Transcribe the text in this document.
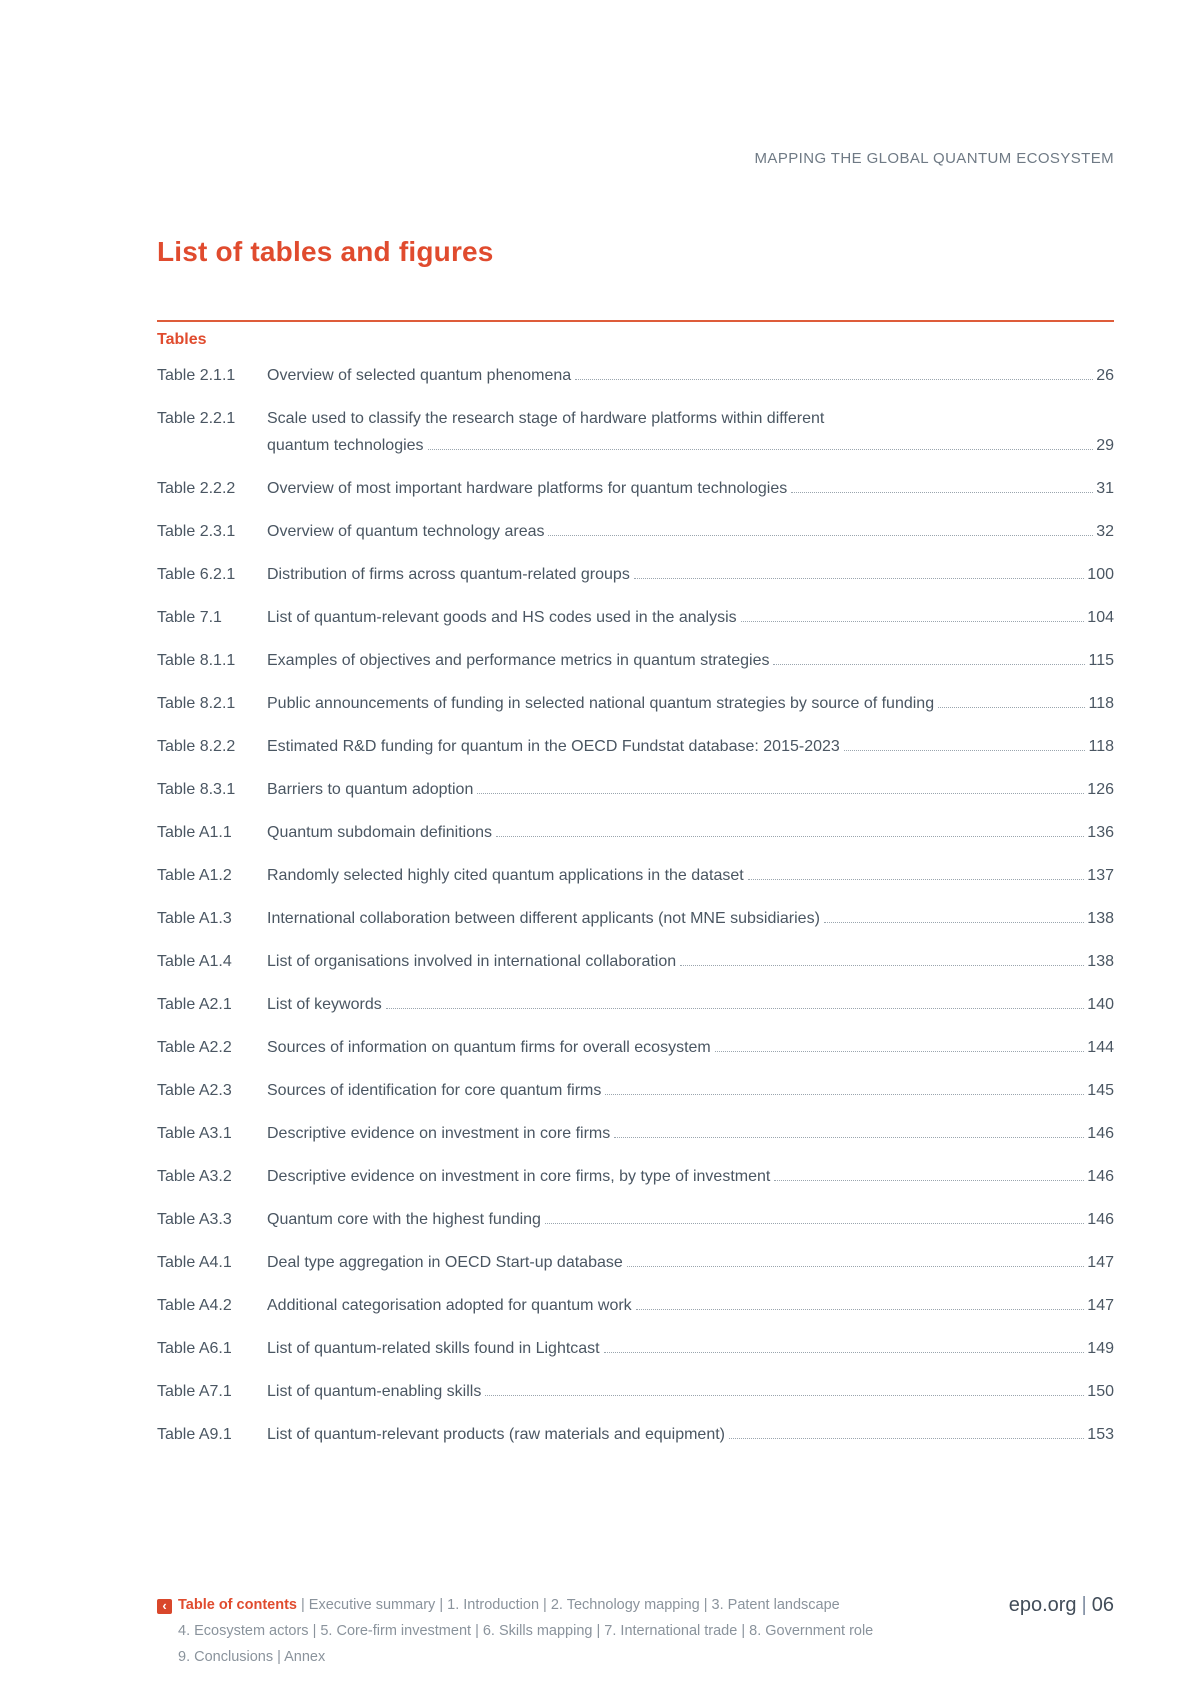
MAPPING THE GLOBAL QUANTUM ECOSYSTEM
List of tables and figures
Tables
Table 2.1.1	Overview of selected quantum phenomena	26
Table 2.2.1	Scale used to classify the research stage of hardware platforms within different
quantum technologies	29
Table 2.2.2	Overview of most important hardware platforms for quantum technologies	31
Table 2.3.1	Overview of quantum technology areas	32
Table 6.2.1	Distribution of firms across quantum-related groups	100
Table 7.1	List of quantum-relevant goods and HS codes used in the analysis	104
Table 8.1.1	Examples of objectives and performance metrics in quantum strategies	115
Table 8.2.1	Public announcements of funding in selected national quantum strategies by source of funding	118
Table 8.2.2	Estimated R&D funding for quantum in the OECD Fundstat database: 2015-2023	118
Table 8.3.1	Barriers to quantum adoption	126
Table A1.1	Quantum subdomain definitions	136
Table A1.2	Randomly selected highly cited quantum applications in the dataset	137
Table A1.3	International collaboration between different applicants (not MNE subsidiaries)	138
Table A1.4	List of organisations involved in international collaboration	138
Table A2.1	List of keywords	140
Table A2.2	Sources of information on quantum firms for overall ecosystem	144
Table A2.3	Sources of identification for core quantum firms	145
Table A3.1	Descriptive evidence on investment in core firms	146
Table A3.2	Descriptive evidence on investment in core firms, by type of investment	146
Table A3.3	Quantum core with the highest funding	146
Table A4.1	Deal type aggregation in OECD Start-up database	147
Table A4.2	Additional categorisation adopted for quantum work	147
Table A6.1	List of quantum-related skills found in Lightcast	149
Table A7.1	List of quantum-enabling skills	150
Table A9.1	List of quantum-relevant products (raw materials and equipment)	153
‹ Table of contents | Executive summary | 1. Introduction | 2. Technology mapping | 3. Patent landscape
4. Ecosystem actors | 5. Core-firm investment | 6. Skills mapping | 7. International trade | 8. Government role
9. Conclusions | Annex
epo.org | 06
